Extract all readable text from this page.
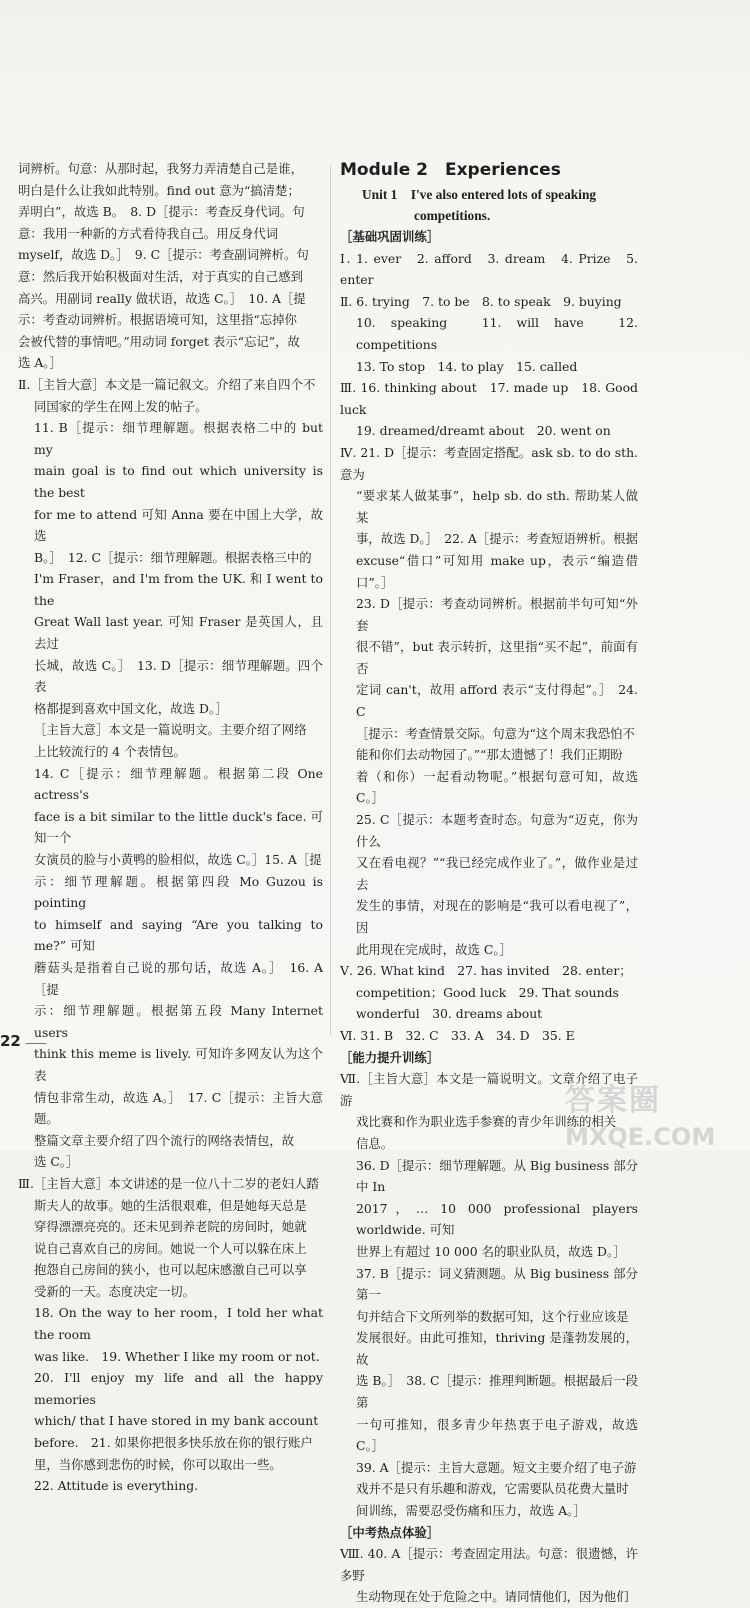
词辨析。句意：从那时起，我努力弄清楚自己是谁，

明白是什么让我如此特别。find out 意为“搞清楚；

弄明白”，故选 B。　8. D［提示：考查反身代词。句

意：我用一种新的方式看待我自己。用反身代词

myself，故选 D。］　9. C［提示：考查副词辨析。句

意：然后我开始积极面对生活，对于真实的自己感到

高兴。用副词 really 做状语，故选 C。］　10. A［提

示：考查动词辨析。根据语境可知，这里指“忘掉你

会被代替的事情吧。”用动词 forget 表示“忘记”，故

选 A。］

Ⅱ.［主旨大意］本文是一篇记叙文。介绍了来自四个不

同国家的学生在网上发的帖子。

11. B［提示：细节理解题。根据表格二中的 but my

main goal is to find out which university is the best

for me to attend 可知 Anna 要在中国上大学，故选

B。］　12. C［提示：细节理解题。根据表格三中的

I'm Fraser，and I'm from the UK. 和 I went to the

Great Wall last year. 可知 Fraser 是英国人，且去过

长城，故选 C。］　13. D［提示：细节理解题。四个表

格都提到喜欢中国文化，故选 D。］

［主旨大意］本文是一篇说明文。主要介绍了网络

上比较流行的 4 个表情包。

14. C［提示：细节理解题。根据第二段 One actress's

face is a bit similar to the little duck's face. 可知一个

女演员的脸与小黄鸭的脸相似，故选 C。］15. A［提

示：细节理解题。根据第四段 Mo Guzou is pointing

to himself and saying “Are you talking to me?” 可知

蘑菇头是指着自己说的那句话，故选 A。］　16. A［提

示：细节理解题。根据第五段 Many Internet users

think this meme is lively. 可知许多网友认为这个表

情包非常生动，故选 A。］　17. C［提示：主旨大意题。

整篇文章主要介绍了四个流行的网络表情包，故

选 C。］

Ⅲ.［主旨大意］本文讲述的是一位八十二岁的老妇人踏

斯夫人的故事。她的生活很艰难，但是她每天总是

穿得漂漂亮亮的。还未见到养老院的房间时，她就

说自己喜欢自己的房间。她说一个人可以躲在床上

抱怨自己房间的狭小，也可以起床感激自己可以享

受新的一天。态度决定一切。

18. On the way to her room，I told her what the room

was like.　19. Whether I like my room or not.

20. I'll enjoy my life and all the happy memories

which/ that I have stored in my bank account

before.　21. 如果你把很多快乐放在你的银行账户

里，当你感到悲伤的时候，你可以取出一些。

22. Attitude is everything.

Module 2　Experiences
Unit 1　I've also entered lots of speaking
competitions.

［基础巩固训练］

Ⅰ. 1. ever　2. afford　3. dream　4. Prize　5. enter

Ⅱ. 6. trying　7. to be　8. to speak　9. buying

10. speaking　11. will have　12. competitions

13. To stop　14. to play　15. called

Ⅲ. 16. thinking about　17. made up　18. Good luck

19. dreamed/dreamt about　20. went on

Ⅳ. 21. D［提示：考查固定搭配。ask sb. to do sth. 意为

“要求某人做某事”，help sb. do sth. 帮助某人做某

事，故选 D。］　22. A［提示：考查短语辨析。根据

excuse“借口”可知用 make up，表示“编造借口”。］

23. D［提示：考查动词辨析。根据前半句可知“外套

很不错”，but 表示转折，这里指“买不起”，前面有否

定词 can't，故用 afford 表示“支付得起”。］　24. C

［提示：考查情景交际。句意为“这个周末我恐怕不

能和你们去动物园了。”“那太遗憾了！我们正期盼

着（和你）一起看动物呢。”根据句意可知，故选 C。］

25. C［提示：本题考查时态。句意为“迈克，你为什么

又在看电视？”“我已经完成作业了。”，做作业是过去

发生的事情，对现在的影响是“我可以看电视了”，因

此用现在完成时，故选 C。］

Ⅴ. 26. What kind　27. has invited　28. enter；

competition；Good luck　29. That sounds

wonderful　30. dreams about

Ⅵ. 31. B　32. C　33. A　34. D　35. E

［能力提升训练］

Ⅶ.［主旨大意］本文是一篇说明文。文章介绍了电子游

戏比赛和作为职业选手参赛的青少年训练的相关

信息。

36. D［提示：细节理解题。从 Big business 部分中 In

2017，… 10 000 professional players worldwide. 可知

世界上有超过 10 000 名的职业队员，故选 D。］

37. B［提示：词义猜测题。从 Big business 部分第一

句并结合下文所列举的数据可知，这个行业应该是

发展很好。由此可推知，thriving 是蓬勃发展的，故

选 B。］　38. C［提示：推理判断题。根据最后一段第

一句可推知，很多青少年热衷于电子游戏，故选 C。］

39. A［提示：主旨大意题。短文主要介绍了电子游

戏并不是只有乐趣和游戏，它需要队员花费大量时

间训练，需要忍受伤痛和压力，故选 A。］

［中考热点体验］

Ⅷ. 40. A［提示：考查固定用法。句意：很遗憾，许多野

生动物现在处于危险之中。请同情他们，因为他们

22
答案圈
MXQE.COM
